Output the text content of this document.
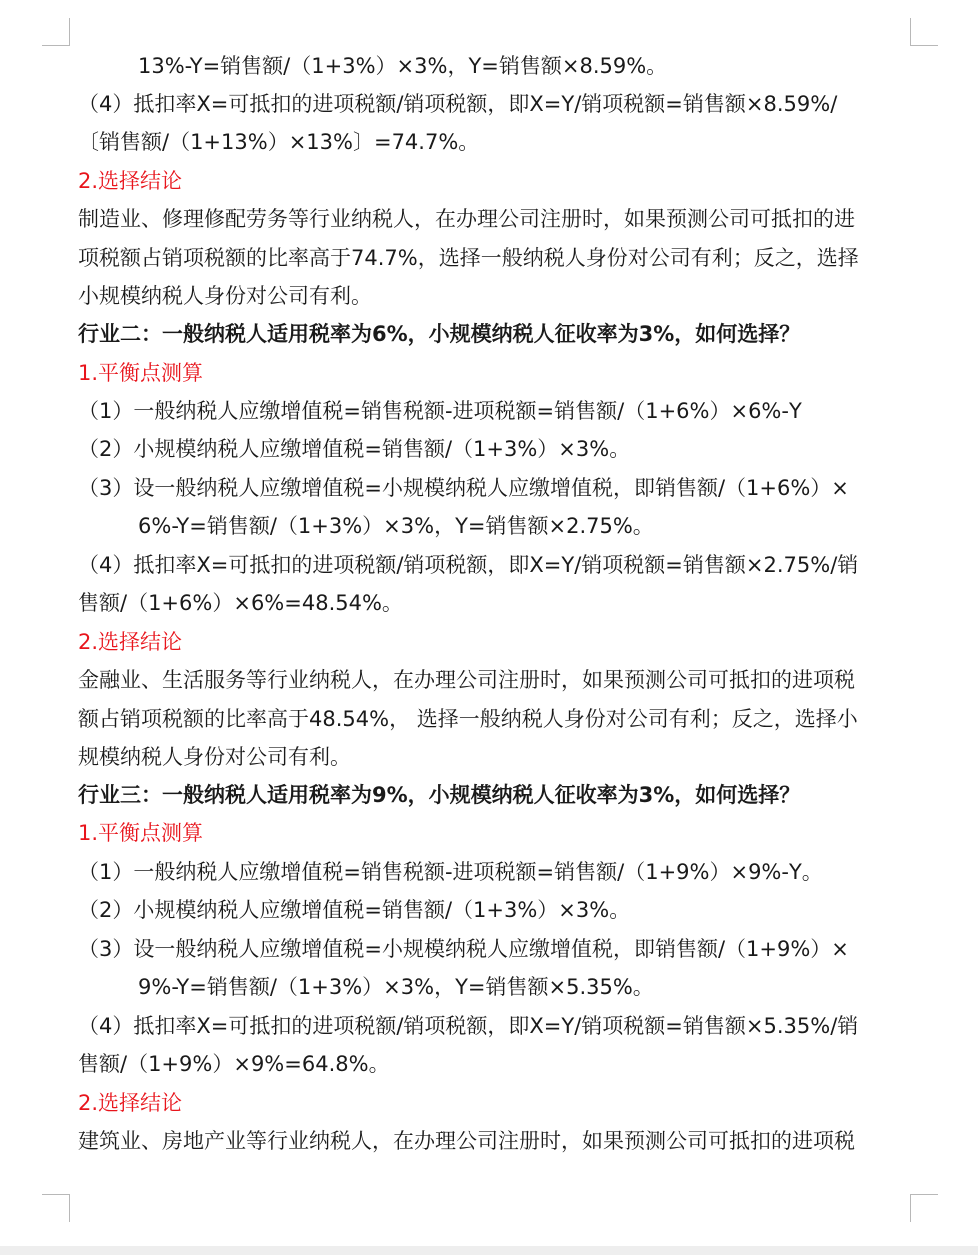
13%-Y=销售额/（1+3%）×3%，Y=销售额×8.59%。
（4）抵扣率X=可抵扣的进项税额/销项税额，即X=Y/销项税额=销售额×8.59%/
〔销售额/（1+13%）×13%〕=74.7%。
2.选择结论
制造业、修理修配劳务等行业纳税人，在办理公司注册时，如果预测公司可抵扣的进
项税额占销项税额的比率高于74.7%，选择一般纳税人身份对公司有利；反之，选择
小规模纳税人身份对公司有利。
行业二：一般纳税人适用税率为6%，小规模纳税人征收率为3%，如何选择？
1.平衡点测算
（1）一般纳税人应缴增值税=销售税额-进项税额=销售额/（1+6%）×6%-Y
（2）小规模纳税人应缴增值税=销售额/（1+3%）×3%。
（3）设一般纳税人应缴增值税=小规模纳税人应缴增值税，即销售额/（1+6%）×
6%-Y=销售额/（1+3%）×3%，Y=销售额×2.75%。
（4）抵扣率X=可抵扣的进项税额/销项税额，即X=Y/销项税额=销售额×2.75%/销
售额/（1+6%）×6%=48.54%。
2.选择结论
金融业、生活服务等行业纳税人，在办理公司注册时，如果预测公司可抵扣的进项税
额占销项税额的比率高于48.54%， 选择一般纳税人身份对公司有利；反之，选择小
规模纳税人身份对公司有利。
行业三：一般纳税人适用税率为9%，小规模纳税人征收率为3%，如何选择？
1.平衡点测算
（1）一般纳税人应缴增值税=销售税额-进项税额=销售额/（1+9%）×9%-Y。
（2）小规模纳税人应缴增值税=销售额/（1+3%）×3%。
（3）设一般纳税人应缴增值税=小规模纳税人应缴增值税，即销售额/（1+9%）×
9%-Y=销售额/（1+3%）×3%，Y=销售额×5.35%。
（4）抵扣率X=可抵扣的进项税额/销项税额，即X=Y/销项税额=销售额×5.35%/销
售额/（1+9%）×9%=64.8%。
2.选择结论
建筑业、房地产业等行业纳税人，在办理公司注册时，如果预测公司可抵扣的进项税
